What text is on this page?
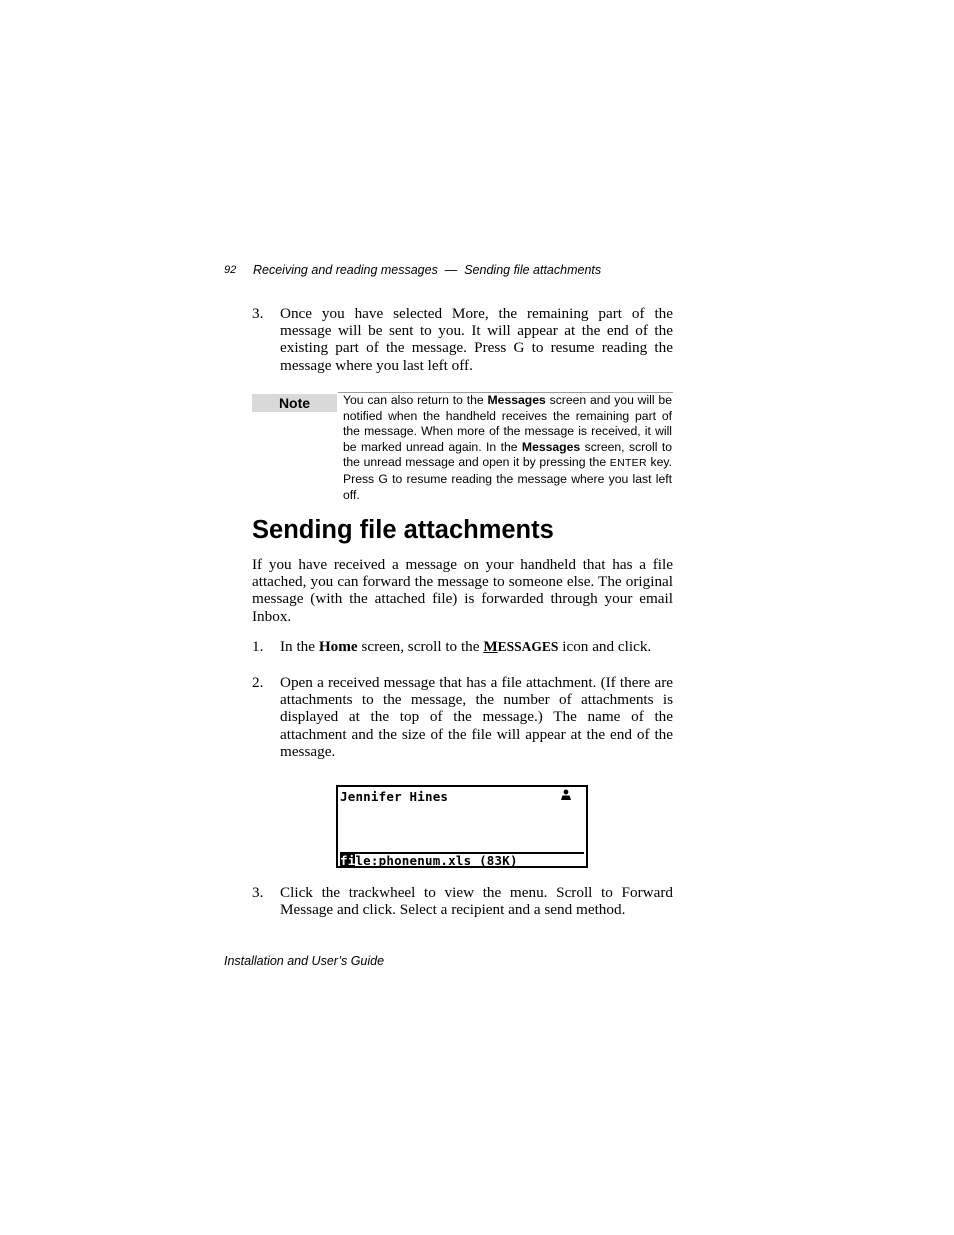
92 Receiving and reading messages  —  Sending file attachments
3. Once you have selected More, the remaining part of the message will be sent to you. It will appear at the end of the existing part of the message. Press G to resume reading the message where you last left off.
Note	You can also return to the Messages screen and you will be notified when the handheld receives the remaining part of the message. When more of the message is received, it will be marked unread again. In the Messages screen, scroll to the unread message and open it by pressing the ENTER key. Press G to resume reading the message where you last left off.
Sending file attachments
If you have received a message on your handheld that has a file attached, you can forward the message to someone else. The original message (with the attached file) is forwarded through your email Inbox.
1. In the Home screen, scroll to the MESSAGES icon and click.
2. Open a received message that has a file attachment. (If there are attachments to the message, the number of attachments is displayed at the top of the message.) The name of the attachment and the size of the file will appear at the end of the message.
Jennifer Hines
file:phonenum.xls (83K)
3. Click the trackwheel to view the menu. Scroll to Forward Message and click. Select a recipient and a send method.
Installation and User’s Guide
